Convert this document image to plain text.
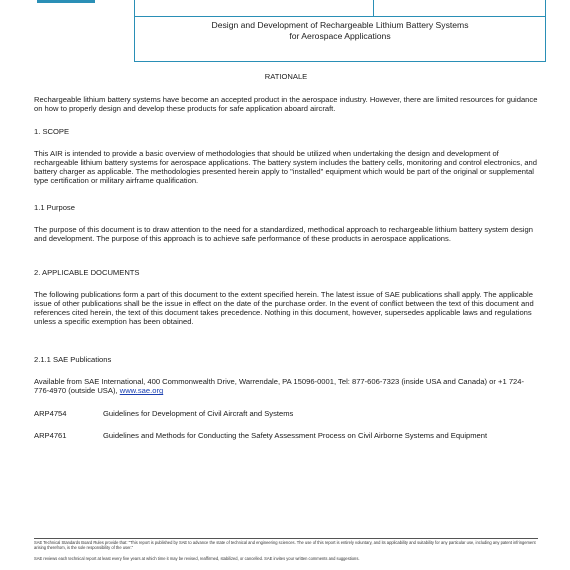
Design and Development of Rechargeable Lithium Battery Systems
for Aerospace Applications
RATIONALE
Rechargeable lithium battery systems have become an accepted product in the aerospace industry. However, there are limited resources for guidance on how to properly design and develop these products for safe application aboard aircraft.
1. SCOPE
This AIR is intended to provide a basic overview of methodologies that should be utilized when undertaking the design and development of rechargeable lithium battery systems for aerospace applications. The battery system includes the battery cells, monitoring and control electronics, and battery charger as applicable. The methodologies presented herein apply to "installed" equipment which would be part of the original or supplemental type certification or military airframe qualification.
1.1 Purpose
The purpose of this document is to draw attention to the need for a standardized, methodical approach to rechargeable lithium battery system design and development. The purpose of this approach is to achieve safe performance of these products in aerospace applications.
2. APPLICABLE DOCUMENTS
The following publications form a part of this document to the extent specified herein. The latest issue of SAE publications shall apply. The applicable issue of other publications shall be the issue in effect on the date of the purchase order. In the event of conflict between the text of this document and references cited herein, the text of this document takes precedence. Nothing in this document, however, supersedes applicable laws and regulations unless a specific exemption has been obtained.
2.1.1 SAE Publications
Available from SAE International, 400 Commonwealth Drive, Warrendale, PA 15096-0001, Tel: 877-606-7323 (inside USA and Canada) or +1 724-776-4970 (outside USA), www.sae.org
ARP4754	Guidelines for Development of Civil Aircraft and Systems
ARP4761	Guidelines and Methods for Conducting the Safety Assessment Process on Civil Airborne Systems and Equipment
SAE Technical Standards Board Rules provide that: "This report is published by SAE to advance the state of technical and engineering sciences. The use of this report is entirely voluntary, and its applicability and suitability for any particular use, including any patent infringement arising therefrom, is the sole responsibility of the user."
SAE reviews each technical report at least every five years at which time it may be revised, reaffirmed, stabilized, or cancelled. SAE invites your written comments and suggestions.
